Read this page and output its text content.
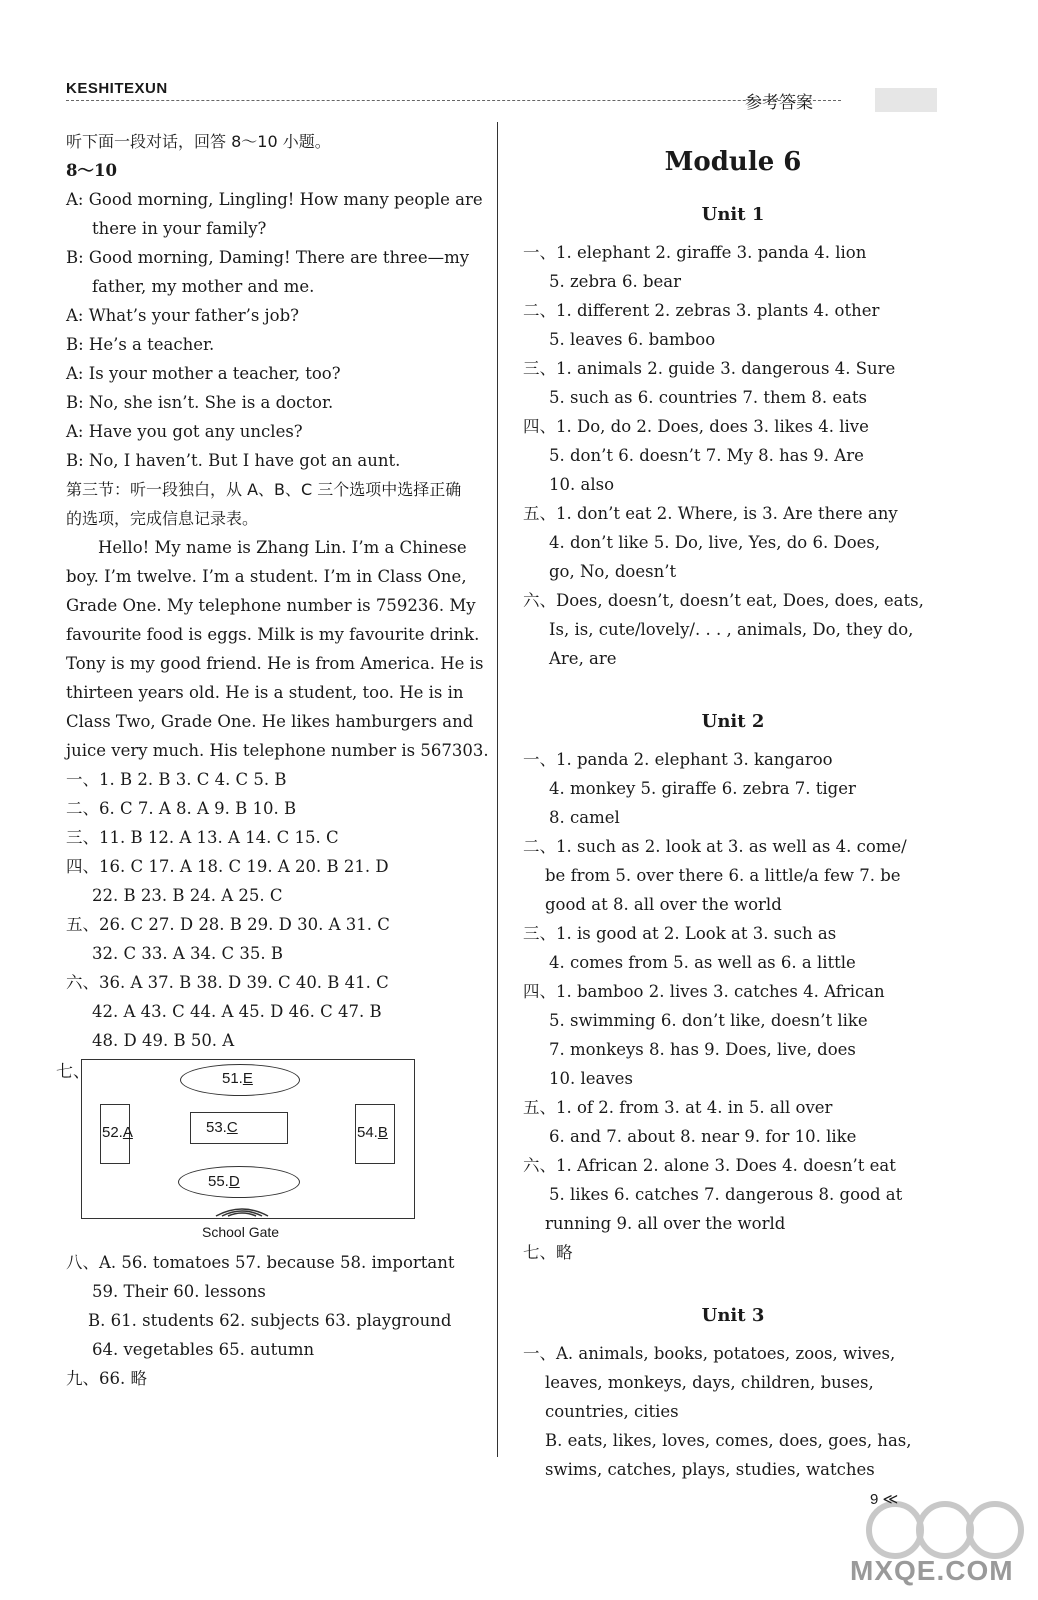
KESHITEXUN
参考答案
听下面一段对话，回答 8～10 小题。
8～10
A: Good morning, Lingling! How many people are
there in your family?
B: Good morning, Daming! There are three—my
father, my mother and me.
A: What’s your father’s job?
B: He’s a teacher.
A: Is your mother a teacher, too?
B: No, she isn’t. She is a doctor.
A: Have you got any uncles?
B: No, I haven’t. But I have got an aunt.
第三节：听一段独白，从 A、B、C 三个选项中选择正确的选项，完成信息记录表。
Hello! My name is Zhang Lin. I’m a Chinese
boy. I’m twelve. I’m a student. I’m in Class One,
Grade One. My telephone number is 759236. My
favourite food is eggs. Milk is my favourite drink.
Tony is my good friend. He is from America. He is
thirteen years old. He is a student, too. He is in
Class Two, Grade One. He likes hamburgers and
juice very much. His telephone number is 567303.
一、1. B 2. B 3. C 4. C 5. B
二、6. C 7. A 8. A 9. B 10. B
三、11. B 12. A 13. A 14. C 15. C
四、16. C 17. A 18. C 19. A 20. B 21. D
22. B 23. B 24. A 25. C
五、26. C 27. D 28. B 29. D 30. A 31. C
32. C 33. A 34. C 35. B
六、36. A 37. B 38. D 39. C 40. B 41. C
42. A 43. C 44. A 45. D 46. C 47. B
48. D 49. B 50. A
七、	51.E
52.A	53.C	54.B
55.D
School Gate
八、A. 56. tomatoes 57. because 58. important
59. Their 60. lessons
B. 61. students 62. subjects 63. playground
64. vegetables 65. autumn
九、66. 略
Module 6
Unit 1
一、1. elephant 2. giraffe 3. panda 4. lion
5. zebra 6. bear
二、1. different 2. zebras 3. plants 4. other
5. leaves 6. bamboo
三、1. animals 2. guide 3. dangerous 4. Sure
5. such as 6. countries 7. them 8. eats
四、1. Do, do 2. Does, does 3. likes 4. live
5. don’t 6. doesn’t 7. My 8. has 9. Are
10. also
五、1. don’t eat 2. Where, is 3. Are there any
4. don’t like 5. Do, live, Yes, do 6. Does,
go, No, doesn’t
六、Does, doesn’t, doesn’t eat, Does, does, eats,
Is, is, cute/lovely/. . . , animals, Do, they do,
Are, are
Unit 2
一、1. panda 2. elephant 3. kangaroo
4. monkey 5. giraffe 6. zebra 7. tiger
8. camel
二、1. such as 2. look at 3. as well as 4. come/
be from 5. over there 6. a little/a few 7. be
good at 8. all over the world
三、1. is good at 2. Look at 3. such as
4. comes from 5. as well as 6. a little
四、1. bamboo 2. lives 3. catches 4. African
5. swimming 6. don’t like, doesn’t like
7. monkeys 8. has 9. Does, live, does
10. leaves
五、1. of 2. from 3. at 4. in 5. all over
6. and 7. about 8. near 9. for 10. like
六、1. African 2. alone 3. Does 4. doesn’t eat
5. likes 6. catches 7. dangerous 8. good at
running 9. all over the world
七、略
Unit 3
一、A. animals, books, potatoes, zoos, wives,
leaves, monkeys, days, children, buses,
countries, cities
B. eats, likes, loves, comes, does, goes, has,
swims, catches, plays, studies, watches
9 ≪
MXQE.COM
